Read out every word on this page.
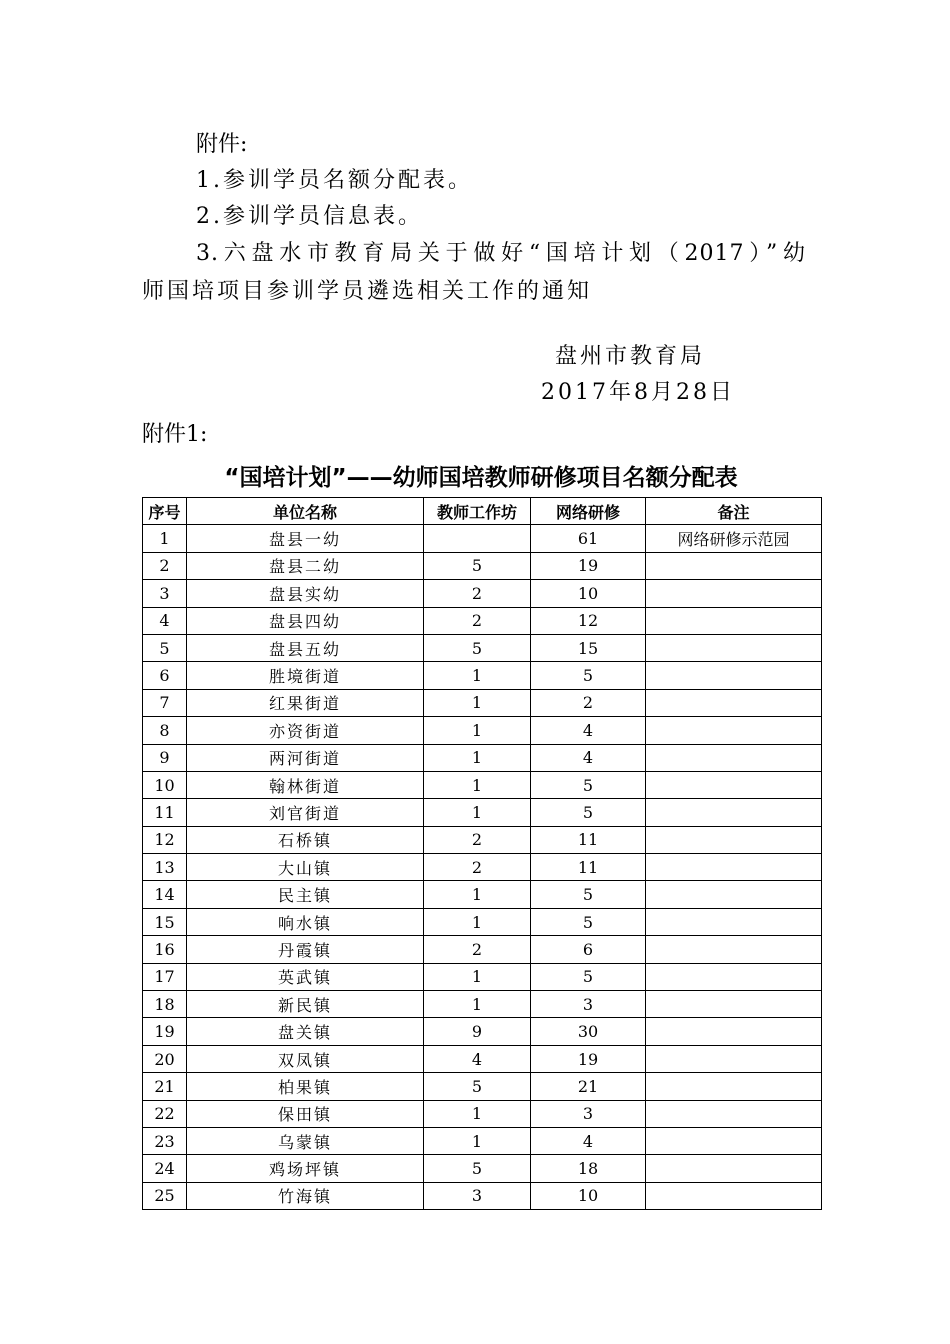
附件:
1.参训学员名额分配表。
2.参训学员信息表。
3.六盘水市教育局关于做好“国培计划（2017）”幼
师国培项目参训学员遴选相关工作的通知
盘州市教育局
2017年8月28日
附件1:
“国培计划”——幼师国培教师研修项目名额分配表
序号	单位名称	教师工作坊	网络研修	备注
1	盘县一幼		61	网络研修示范园
2	盘县二幼	5	19	
3	盘县实幼	2	10	
4	盘县四幼	2	12	
5	盘县五幼	5	15	
6	胜境街道	1	5	
7	红果街道	1	2	
8	亦资街道	1	4	
9	两河街道	1	4	
10	翰林街道	1	5	
11	刘官街道	1	5	
12	石桥镇	2	11	
13	大山镇	2	11	
14	民主镇	1	5	
15	响水镇	1	5	
16	丹霞镇	2	6	
17	英武镇	1	5	
18	新民镇	1	3	
19	盘关镇	9	30	
20	双凤镇	4	19	
21	柏果镇	5	21	
22	保田镇	1	3	
23	乌蒙镇	1	4	
24	鸡场坪镇	5	18	
25	竹海镇	3	10	
